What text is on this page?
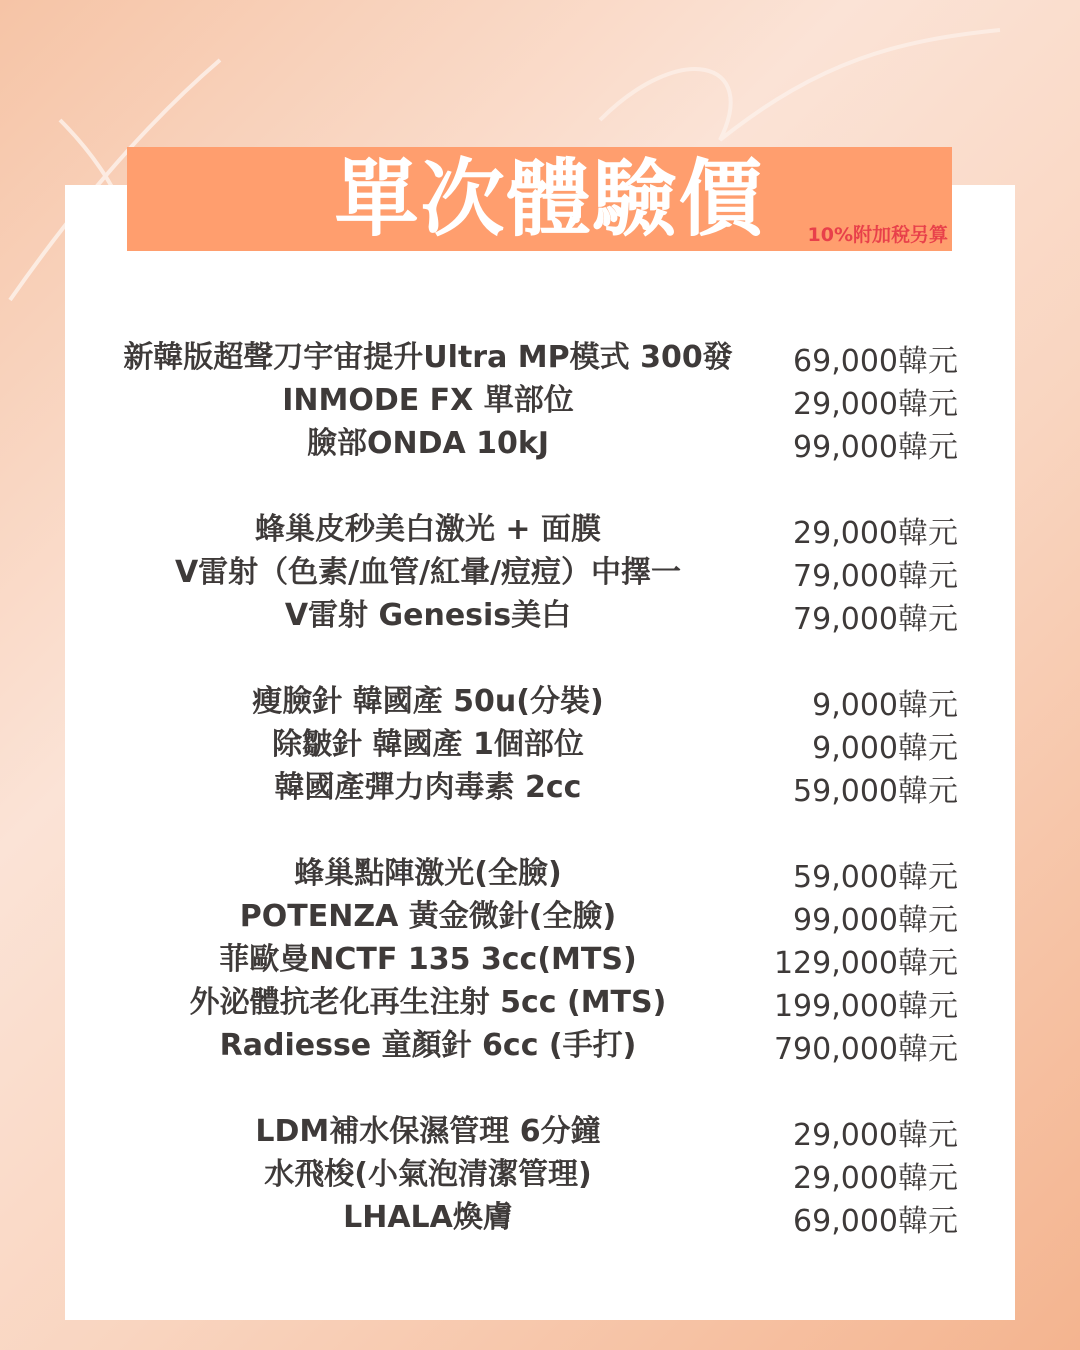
單次體驗價	10%附加稅另算
新韓版超聲刀宇宙提升Ultra MP模式 300發	69,000韓元
INMODE FX 單部位	29,000韓元
臉部ONDA 10kJ	99,000韓元
蜂巢皮秒美白激光 + 面膜	29,000韓元
V雷射（色素/血管/紅暈/痘痘）中擇一	79,000韓元
V雷射 Genesis美白	79,000韓元
瘦臉針 韓國產 50u(分裝)	9,000韓元
除皺針 韓國產 1個部位	9,000韓元
韓國產彈力肉毒素 2cc	59,000韓元
蜂巢點陣激光(全臉)	59,000韓元
POTENZA 黃金微針(全臉)	99,000韓元
菲歐曼NCTF 135 3cc(MTS)	129,000韓元
外泌體抗老化再生注射 5cc (MTS)	199,000韓元
Radiesse 童顏針 6cc (手打)	790,000韓元
LDM補水保濕管理 6分鐘	29,000韓元
水飛梭(小氣泡清潔管理)	29,000韓元
LHALA煥膚	69,000韓元
